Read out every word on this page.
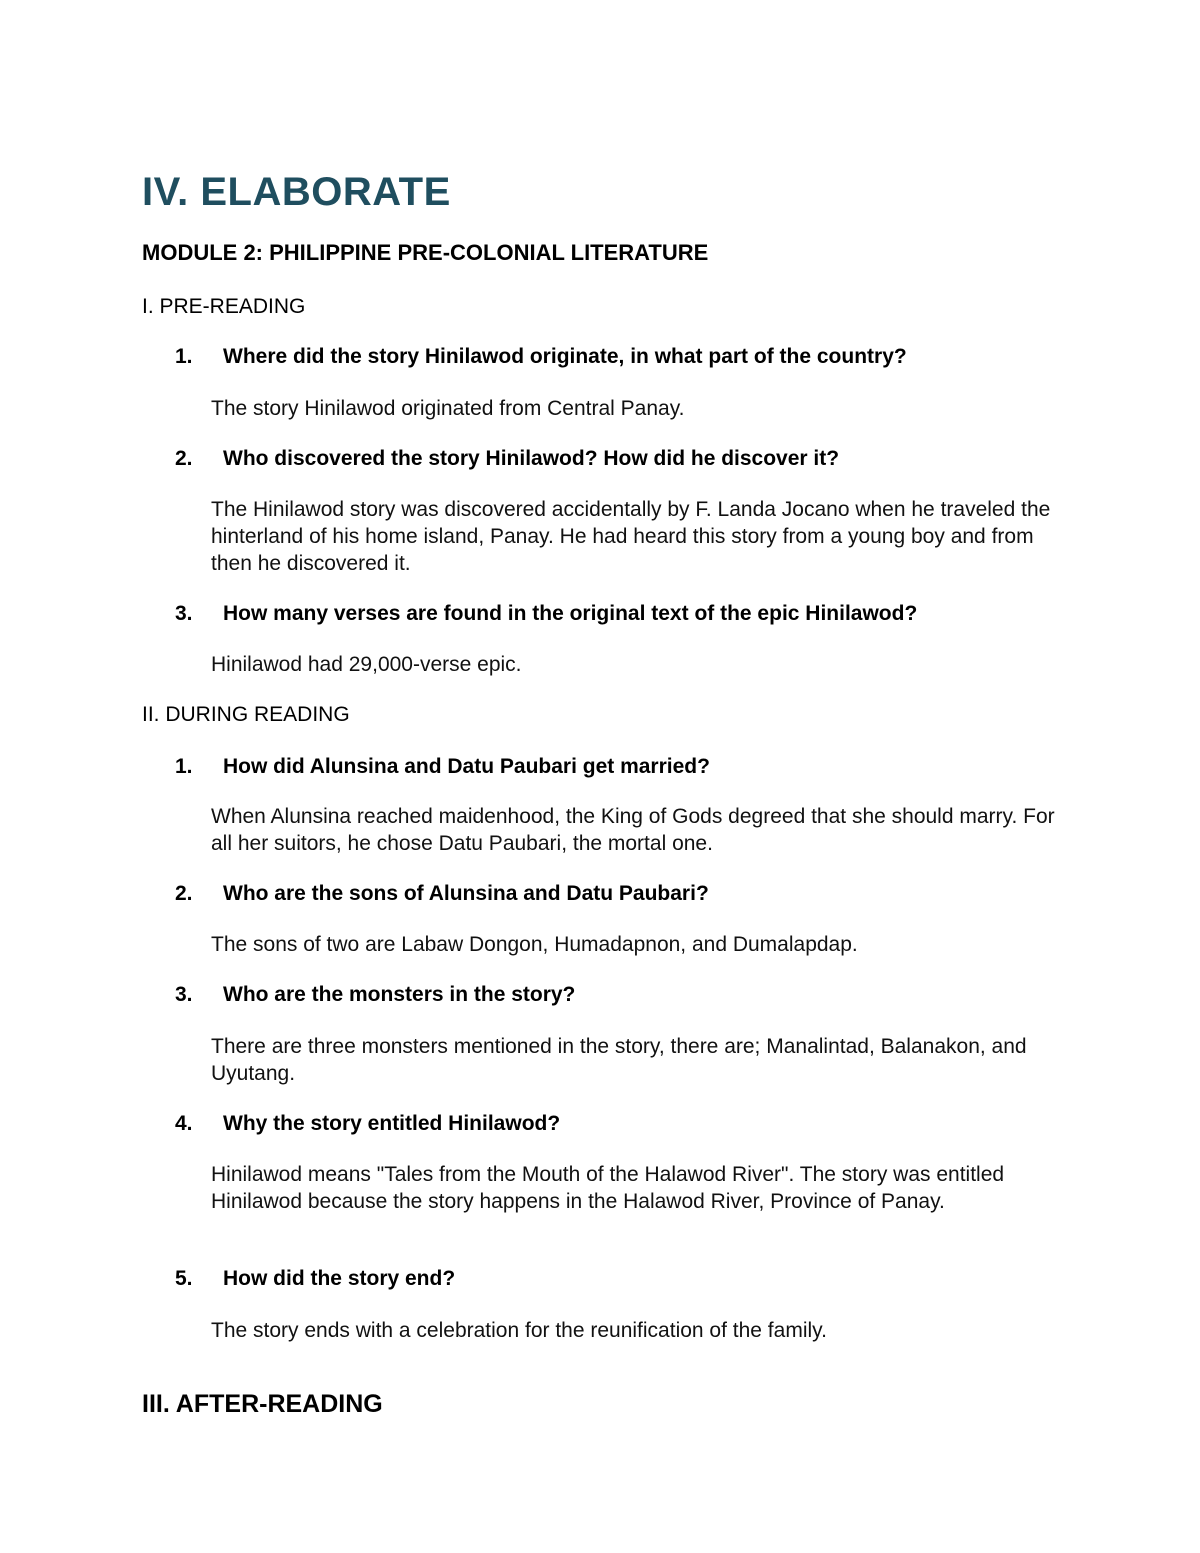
IV. ELABORATE
MODULE 2: PHILIPPINE PRE-COLONIAL LITERATURE
I. PRE-READING
1. Where did the story Hinilawod originate, in what part of the country?
The story Hinilawod originated from Central Panay.
2. Who discovered the story Hinilawod? How did he discover it?
The Hinilawod story was discovered accidentally by F. Landa Jocano when he traveled the hinterland of his home island, Panay. He had heard this story from a young boy and from then he discovered it.
3. How many verses are found in the original text of the epic Hinilawod?
Hinilawod had 29,000-verse epic.
II. DURING READING
1. How did Alunsina and Datu Paubari get married?
When Alunsina reached maidenhood, the King of Gods degreed that she should marry. For all her suitors, he chose Datu Paubari, the mortal one.
2. Who are the sons of Alunsina and Datu Paubari?
The sons of two are Labaw Dongon, Humadapnon, and Dumalapdap.
3. Who are the monsters in the story?
There are three monsters mentioned in the story, there are; Manalintad, Balanakon, and Uyutang.
4. Why the story entitled Hinilawod?
Hinilawod means "Tales from the Mouth of the Halawod River". The story was entitled Hinilawod because the story happens in the Halawod River, Province of Panay.
5. How did the story end?
The story ends with a celebration for the reunification of the family.
III. AFTER-READING
